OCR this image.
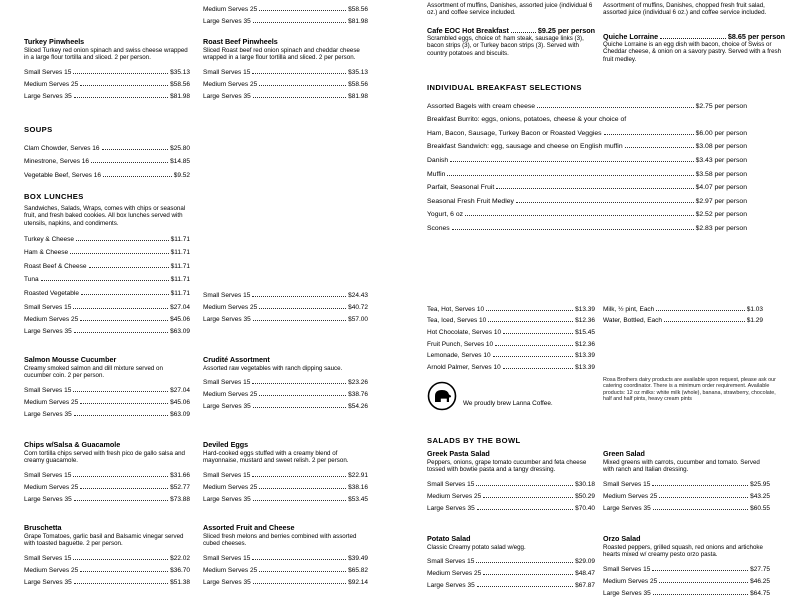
Turkey Pinwheels

Sliced Turkey red onion spinach and swiss cheese wrapped in a large flour tortilla and sliced. 2 per person.

Small Serves 15	$35.13
Medium Serves 25	$58.56
Large Serves 35	$81.98
SOUPS
Clam Chowder, Serves 16	$25.80
Minestrone, Serves 16	$14.85
Vegetable Beef, Serves 16	$9.52
BOX LUNCHES

Sandwiches, Salads, Wraps, comes with chips or seasonal fruit, and fresh baked cookies. All box lunches served with utensils, napkins, and condiments.

Turkey & Cheese	$11.71
Ham & Cheese	$11.71
Roast Beef & Cheese	$11.71
Tuna	$11.71
Roasted Vegetable	$11.71
Small Serves 15	$27.04
Medium Serves 25	$45.06
Large Serves 35	$63.09
Salmon Mousse Cucumber

Creamy smoked salmon and dill mixture served on cucumber coin. 2 per person.

Small Serves 15	$27.04
Medium Serves 25	$45.06
Large Serves 35	$63.09
Chips w/Salsa & Guacamole

Corn tortilla chips served with fresh pico de gallo salsa and creamy guacamole.

Small Serves 15	$31.66
Medium Serves 25	$52.77
Large Serves 35	$73.88
Bruschetta

Grape Tomatoes, garlic basil and Balsamic vinegar served with toasted baguette. 2 per person.

Small Serves 15	$22.02
Medium Serves 25	$36.70
Large Serves 35	$51.38
Medium Serves 25	$58.56
Large Serves 35	$81.98
Roast Beef Pinwheels

Sliced Roast beef red onion spinach and cheddar cheese wrapped in a large flour tortilla and sliced. 2 per person.

Small Serves 15	$35.13
Medium Serves 25	$58.56
Large Serves 35	$81.98
Small Serves 15	$24.43
Medium Serves 25	$40.72
Large Serves 35	$57.00
Crudité Assortment

Assorted raw vegetables with ranch dipping sauce.

Small Serves 15	$23.26
Medium Serves 25	$38.76
Large Serves 35	$54.26
Deviled Eggs

Hard-cooked eggs stuffed with a creamy blend of mayonnaise, mustard and sweet relish. 2 per person.

Small Serves 15	$22.91
Medium Serves 25	$38.16
Large Serves 35	$53.45
Assorted Fruit and Cheese

Sliced fresh melons and berries combined with assorted cubed cheeses.

Small Serves 15	$39.49
Medium Serves 25	$65.82
Large Serves 35	$92.14

Assortment of muffins, Danishes, assorted juice (individual 6 oz.) and coffee service included.

Cafe EOC Hot Breakfast	$9.25 per person

Scrambled eggs, choice of: ham steak, sausage links (3), bacon strips (3), or Turkey bacon strips (3). Served with country potatoes and biscuits.

Assortment of muffins, Danishes, chopped fresh fruit salad, assorted juice (individual 6 oz.) and coffee service included.

Quiche Lorraine	$8.65 per person

Quiche Lorraine is an egg dish with bacon, choice of Swiss or Cheddar cheese, & onion on a savory pastry. Served with a fresh fruit medley.

INDIVIDUAL BREAKFAST SELECTIONS
Assorted Bagels with cream cheese	$2.75 per person
Breakfast Burrito: eggs, onions, potatoes, cheese & your choice of
Ham, Bacon, Sausage, Turkey Bacon or Roasted Veggies	$6.00 per person
Breakfast Sandwich: egg, sausage and cheese on English muffin	$3.08 per person
Danish	$3.43 per person
Muffin	$3.58 per person
Parfait, Seasonal Fruit	$4.07 per person
Seasonal Fresh Fruit Medley	$2.97 per person
Yogurt, 6 oz	$2.52 per person
Scones	$2.83 per person
Tea, Hot, Serves 10	$13.39
Tea, Iced, Serves 10	$12.36
Hot Chocolate, Serves 10	$15.45
Fruit Punch, Serves 10	$12.36
Lemonade, Serves 10	$13.39
Arnold Palmer, Serves 10	$13.39
Milk, ½ pint, Each	$1.03
Water, Bottled, Each	$1.29
We proudly brew Lanna Coffee.

Rosa Brothers dairy products are available upon request, please ask our catering coordinator. There is a minimum order requirement. Available products: 12 oz milks: white milk (whole), banana, strawberry, chocolate, half and half pints, heavy cream pints

SALADS BY THE BOWL
Greek Pasta Salad

Peppers, onions, grape tomato cucumber and feta cheese tossed with bowtie pasta and a tangy dressing.

Small Serves 15	$30.18
Medium Serves 25	$50.29
Large Serves 35	$70.40
Green Salad

Mixed greens with carrots, cucumber and tomato. Served with ranch and Italian dressing.

Small Serves 15	$25.95
Medium Serves 25	$43.25
Large Serves 35	$60.55
Potato Salad

Classic Creamy potato salad w/egg.

Small Serves 15	$29.09
Medium Serves 25	$48.47
Large Serves 35	$67.87
Orzo Salad

Roasted peppers, grilled squash, red onions and artichoke hearts mixed w/ creamy pesto orzo pasta.

Small Serves 15	$27.75
Medium Serves 25	$46.25
Large Serves 35	$64.75
